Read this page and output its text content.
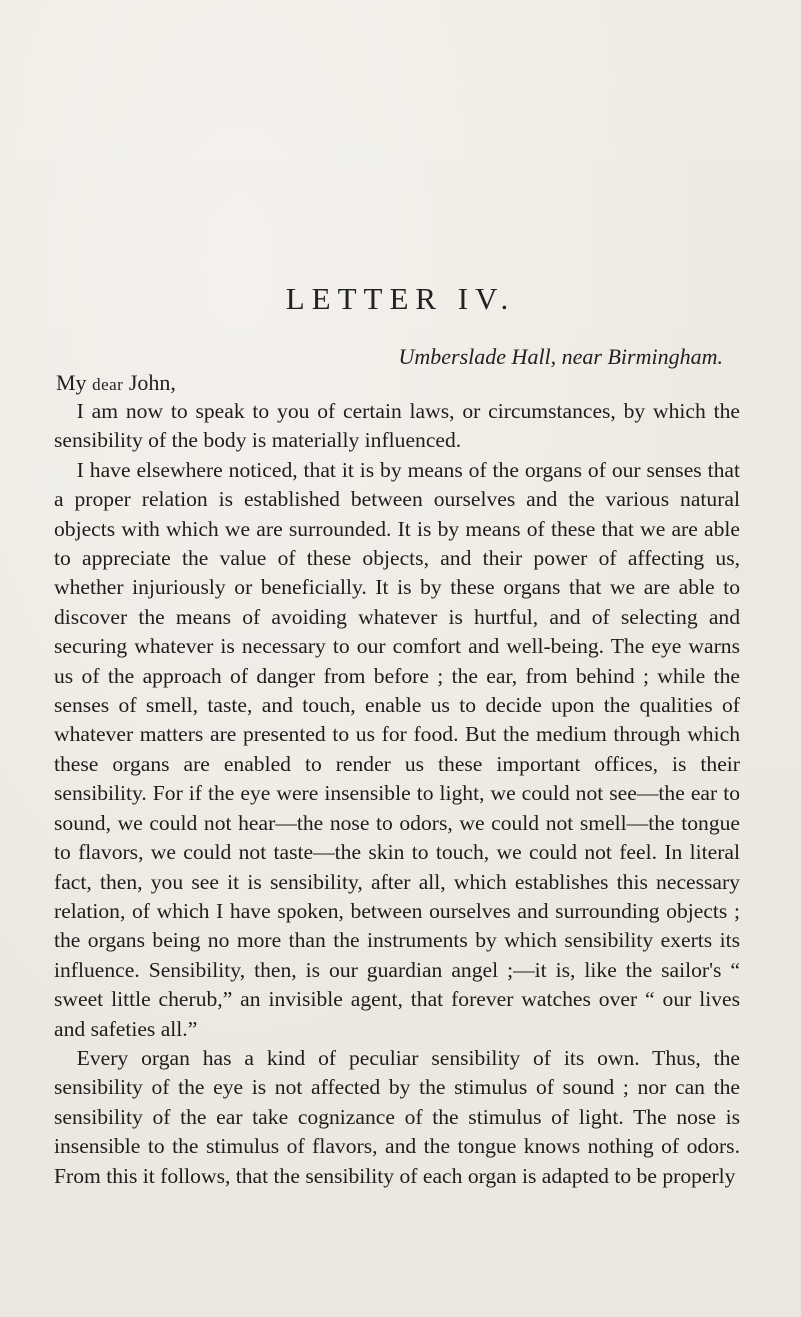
LETTER IV.
Umberslade Hall, near Birmingham.
My dear John,

I am now to speak to you of certain laws, or circumstances, by which the sensibility of the body is materially influenced.

I have elsewhere noticed, that it is by means of the organs of our senses that a proper relation is established between ourselves and the various natural objects with which we are surrounded. It is by means of these that we are able to appreciate the value of these objects, and their power of affecting us, whether injuriously or beneficially. It is by these organs that we are able to discover the means of avoiding whatever is hurtful, and of selecting and securing whatever is necessary to our comfort and well-being. The eye warns us of the approach of danger from before ; the ear, from behind ; while the senses of smell, taste, and touch, enable us to decide upon the qualities of whatever matters are presented to us for food. But the medium through which these organs are enabled to render us these important offices, is their sensibility. For if the eye were insensible to light, we could not see—the ear to sound, we could not hear—the nose to odors, we could not smell—the tongue to flavors, we could not taste—the skin to touch, we could not feel. In literal fact, then, you see it is sensibility, after all, which establishes this necessary relation, of which I have spoken, between ourselves and surrounding objects ; the organs being no more than the instruments by which sensibility exerts its influence. Sensibility, then, is our guardian angel ;—it is, like the sailor's “ sweet little cherub,” an invisible agent, that forever watches over “ our lives and safeties all.”

Every organ has a kind of peculiar sensibility of its own. Thus, the sensibility of the eye is not affected by the stimulus of sound ; nor can the sensibility of the ear take cognizance of the stimulus of light. The nose is insensible to the stimulus of flavors, and the tongue knows nothing of odors. From this it follows, that the sensibility of each organ is adapted to be properly
